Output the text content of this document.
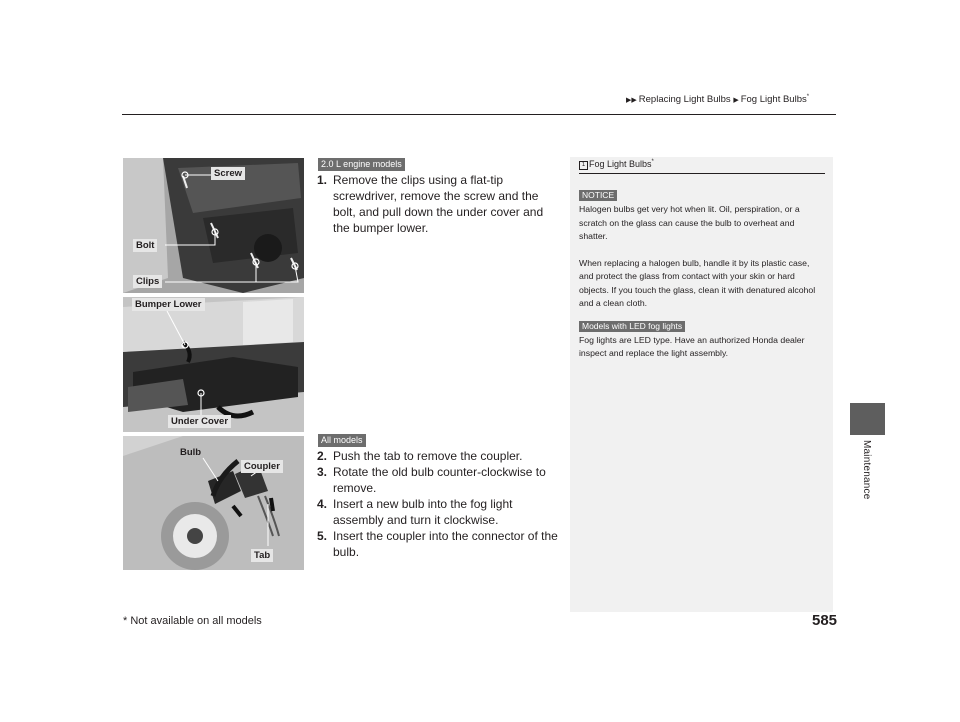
▶▶ Replacing Light Bulbs ▶ Fog Light Bulbs*
Maintenance
Screw
Bolt
Clips
Bumper Lower
Under Cover
Bulb
Coupler
Tab
2.0 L engine models
1. Remove the clips using a flat-tip screwdriver, remove the screw and the bolt, and pull down the under cover and the bumper lower.
All models
2. Push the tab to remove the coupler.
3. Rotate the old bulb counter-clockwise to remove.
4. Insert a new bulb into the fog light assembly and turn it clockwise.
5. Insert the coupler into the connector of the bulb.
1 Fog Light Bulbs*
NOTICE

Halogen bulbs get very hot when lit. Oil, perspiration, or a scratch on the glass can cause the bulb to overheat and shatter.

When replacing a halogen bulb, handle it by its plastic case, and protect the glass from contact with your skin or hard objects. If you touch the glass, clean it with denatured alcohol and a clean cloth.

Models with LED fog lights

Fog lights are LED type. Have an authorized Honda dealer inspect and replace the light assembly.

* Not available on all models	585
